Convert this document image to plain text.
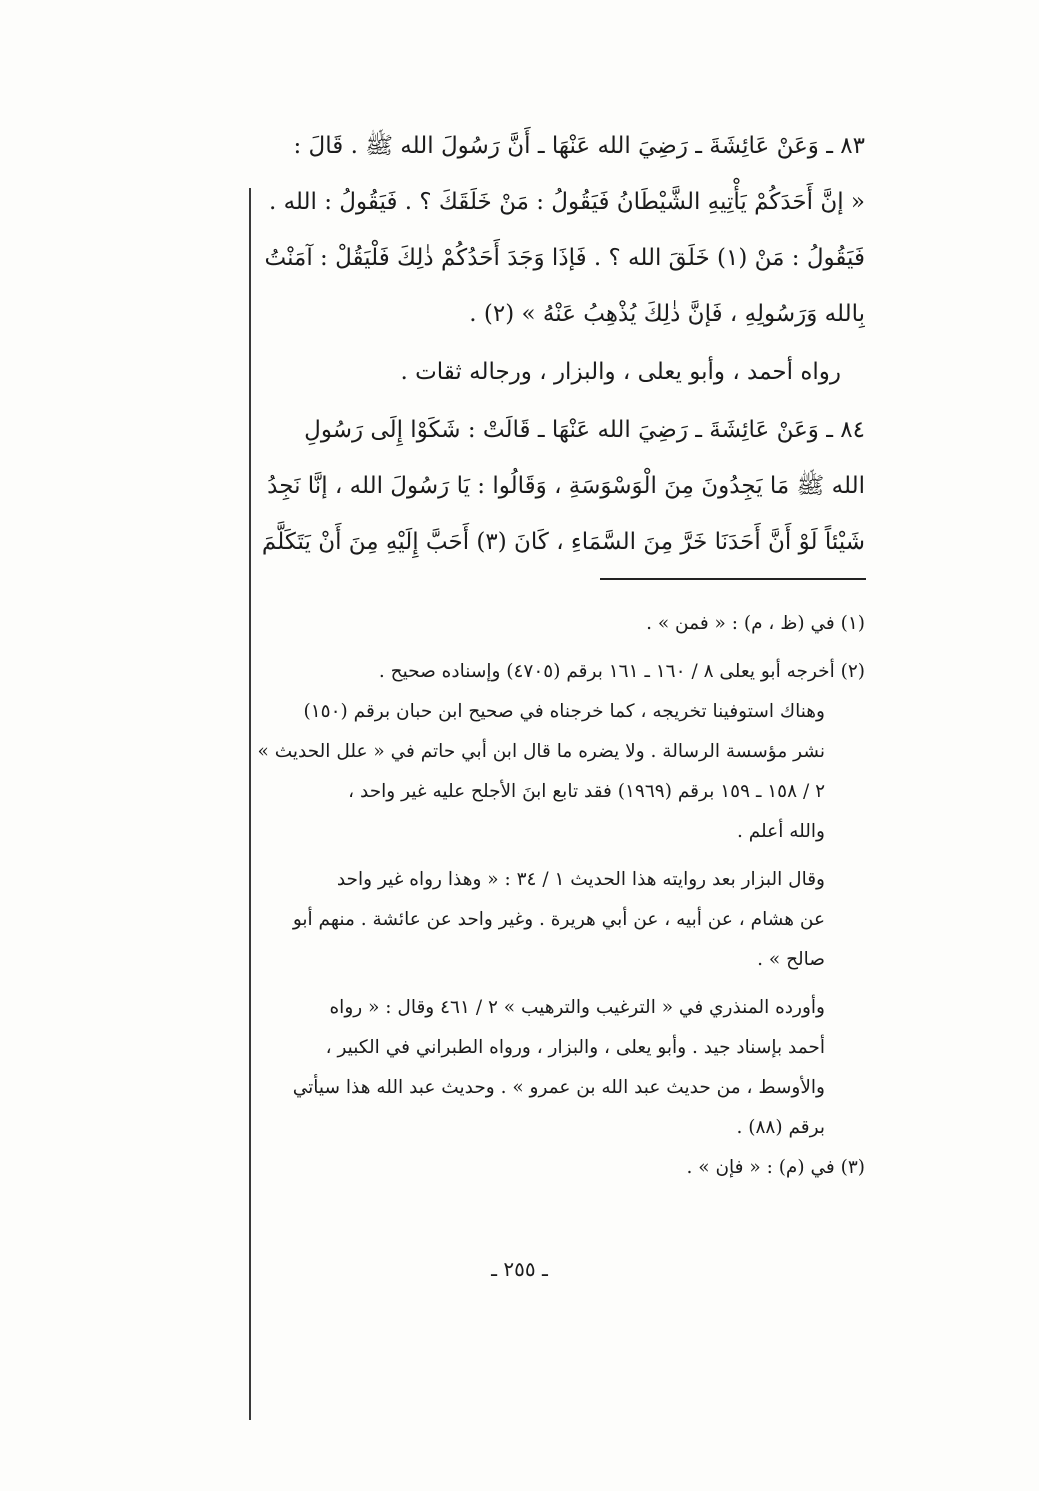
٨٣ ـ وَعَنْ عَائِشَةَ ـ رَضِيَ الله عَنْهَا ـ أَنَّ رَسُولَ الله ﷺ . قَالَ :
« إنَّ أَحَدَكُمْ يَأْتِيهِ الشَّيْطَانُ فَيَقُولُ : مَنْ خَلَقَكَ ؟ . فَيَقُولُ : الله .
فَيَقُولُ : مَنْ (١) خَلَقَ الله ؟ . فَإذَا وَجَدَ أَحَدُكُمْ ذٰلِكَ فَلْيَقُلْ : آمَنْتُ
بِالله وَرَسُولِهِ ، فَإنَّ ذٰلِكَ يُذْهِبُ عَنْهُ » (٢) .
رواه أحمد ، وأبو يعلى ، والبزار ، ورجاله ثقات .
٨٤ ـ وَعَنْ عَائِشَةَ ـ رَضِيَ الله عَنْهَا ـ قَالَتْ : شَكَوْا إِلَى رَسُولِ
الله ﷺ مَا يَجِدُونَ مِنَ الْوَسْوَسَةِ ، وَقَالُوا : يَا رَسُولَ الله ، إنَّا نَجِدُ
شَيْئاً لَوْ أَنَّ أَحَدَنَا خَرَّ مِنَ السَّمَاءِ ، كَانَ (٣) أَحَبَّ إِلَيْهِ مِنَ أَنْ يَتَكَلَّمَ
(١) في (ظ ، م) : « فمن » .
(٢) أخرجه أبو يعلى ٨ / ١٦٠ ـ ١٦١ برقم (٤٧٠٥) وإسناده صحيح .
وهناك استوفينا تخريجه ، كما خرجناه في صحيح ابن حبان برقم (١٥٠)
نشر مؤسسة الرسالة . ولا يضره ما قال ابن أبي حاتم في « علل الحديث »
٢ / ١٥٨ ـ ١٥٩ برقم (١٩٦٩) فقد تابع ابنَ الأجلح عليه غير واحد ،
والله أعلم .
وقال البزار بعد روايته هذا الحديث ١ / ٣٤ : « وهذا رواه غير واحد
عن هشام ، عن أبيه ، عن أبي هريرة . وغير واحد عن عائشة . منهم أبو
صالح » .
وأورده المنذري في « الترغيب والترهيب » ٢ / ٤٦١ وقال : « رواه
أحمد بإسناد جيد . وأبو يعلى ، والبزار ، ورواه الطبراني في الكبير ،
والأوسط ، من حديث عبد الله بن عمرو » . وحديث عبد الله هذا سيأتي
برقم (٨٨) .
(٣) في (م) : « فإن » .
ـ ٢٥٥ ـ
